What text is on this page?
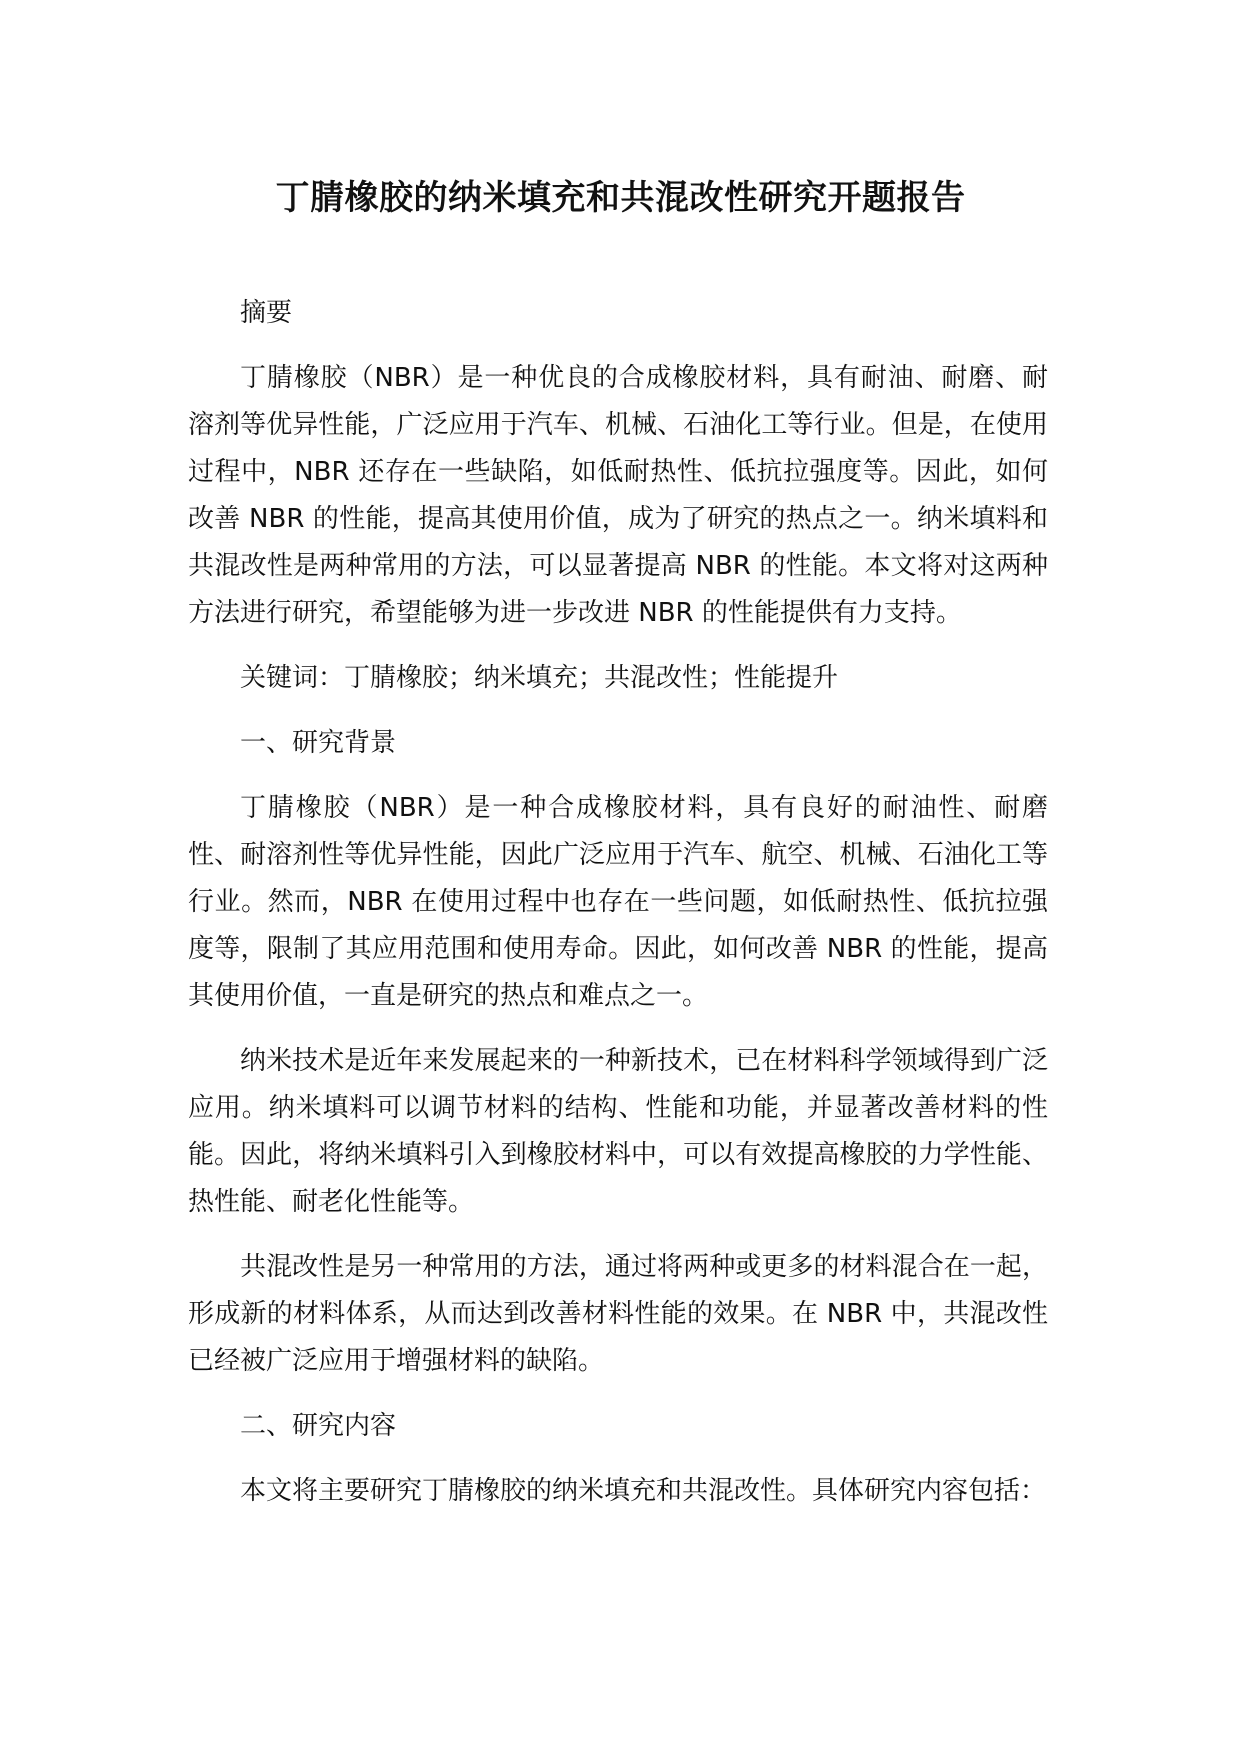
丁腈橡胶的纳米填充和共混改性研究开题报告

摘要

丁腈橡胶（NBR）是一种优良的合成橡胶材料，具有耐油、耐磨、耐溶剂等优异性能，广泛应用于汽车、机械、石油化工等行业。但是，在使用过程中，NBR 还存在一些缺陷，如低耐热性、低抗拉强度等。因此，如何改善 NBR 的性能，提高其使用价值，成为了研究的热点之一。纳米填料和共混改性是两种常用的方法，可以显著提高 NBR 的性能。本文将对这两种方法进行研究，希望能够为进一步改进 NBR 的性能提供有力支持。

关键词：丁腈橡胶；纳米填充；共混改性；性能提升

一、研究背景

丁腈橡胶（NBR）是一种合成橡胶材料，具有良好的耐油性、耐磨性、耐溶剂性等优异性能，因此广泛应用于汽车、航空、机械、石油化工等行业。然而，NBR 在使用过程中也存在一些问题，如低耐热性、低抗拉强度等，限制了其应用范围和使用寿命。因此，如何改善 NBR 的性能，提高其使用价值，一直是研究的热点和难点之一。

纳米技术是近年来发展起来的一种新技术，已在材料科学领域得到广泛应用。纳米填料可以调节材料的结构、性能和功能，并显著改善材料的性能。因此，将纳米填料引入到橡胶材料中，可以有效提高橡胶的力学性能、热性能、耐老化性能等。

共混改性是另一种常用的方法，通过将两种或更多的材料混合在一起，形成新的材料体系，从而达到改善材料性能的效果。在 NBR 中，共混改性已经被广泛应用于增强材料的缺陷。

二、研究内容

本文将主要研究丁腈橡胶的纳米填充和共混改性。具体研究内容包括：
